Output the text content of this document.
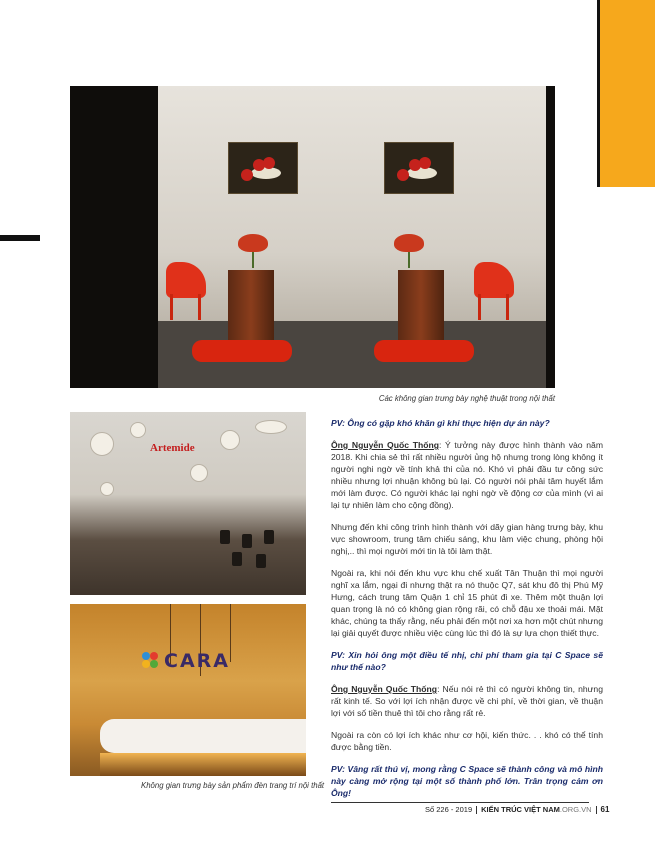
Các không gian trưng bày nghệ thuật trong nội thất
Artemide
CARA
Không gian trưng bày sản phẩm đèn trang trí nội thất

PV: Ông có gặp khó khăn gì khi thực hiện dự án này?

Ông Nguyễn Quốc Thống: Ý tưởng này được hình thành vào năm 2018. Khi chia sẻ thì rất nhiều người ủng hộ nhưng trong lòng không ít người nghi ngờ về tính khả thi của nó. Khó vì phải đầu tư công sức nhiều nhưng lợi nhuận không bù lại. Có người nói phải tâm huyết lắm mới làm được. Có người khác lại nghi ngờ về động cơ của mình (vì ai lại tự nhiên làm cho cộng đồng).

Nhưng đến khi công trình hình thành với dãy gian hàng trưng bày, khu vực showroom, trung tâm chiếu sáng, khu làm việc chung, phòng hội nghị,.. thì mọi người mới tin là tôi làm thật.

Ngoài ra, khi nói đến khu vực khu chế xuất Tân Thuận thì mọi người nghĩ xa lắm, ngại đi nhưng thật ra nó thuộc Q7, sát khu đô thị Phú Mỹ Hưng, cách trung tâm Quận 1 chỉ 15 phút đi xe. Thêm một thuận lợi quan trọng là nó có không gian rộng rãi, có chỗ đậu xe thoải mái. Mặt khác, chúng ta thấy rằng, nếu phải đến một nơi xa hơn một chút nhưng lại giải quyết được nhiều việc cùng lúc thì đó là sự lựa chọn thiết thực.

PV: Xin hỏi ông một điều tế nhị, chi phí tham gia tại C Space sẽ như thế nào?

Ông Nguyễn Quốc Thống: Nếu nói rẻ thì có người không tin, nhưng rất kinh tế. So với lợi ích nhận được về chi phí, về thời gian, về thuận lợi với số tiền thuê thì tôi cho rằng rất rẻ.

Ngoài ra còn có lợi ích khác như cơ hội, kiến thức. . . khó có thể tính được bằng tiền.

PV: Vâng rất thú vị, mong rằng C Space sẽ thành công và mô hình này càng mở rộng tại một số thành phố lớn. Trân trọng cảm ơn Ông!

Số 226 - 2019 KIẾN TRÚC VIỆT NAM.ORG.VN 61
